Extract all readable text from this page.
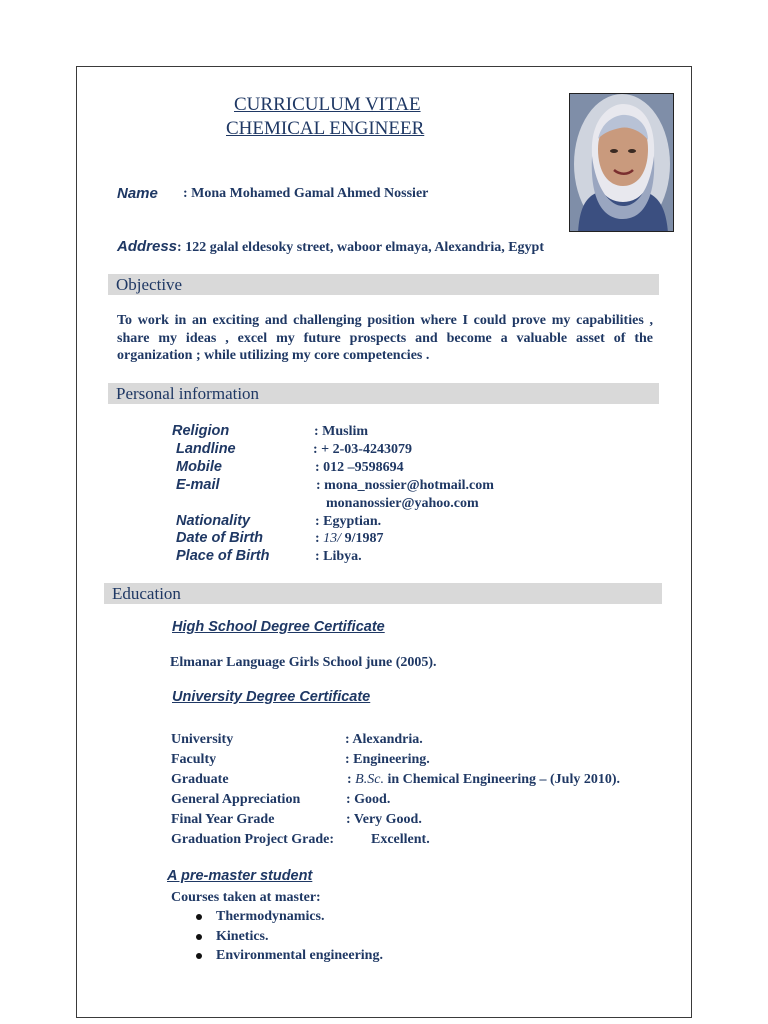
CURRICULUM VITAE
CHEMICAL ENGINEER
Name : Mona Mohamed Gamal Ahmed Nossier
Address: 122 galal eldesoky street, waboor elmaya, Alexandria, Egypt
Objective
To work in an exciting and challenging position where I could prove my capabilities , share my ideas , excel my future prospects and become a valuable asset of the organization ; while utilizing my core competencies .
Personal information
Religion	: Muslim
Landline	: + 2-03-4243079
Mobile	: 012 –9598694
E-mail	: mona_nossier@hotmail.com
monanossier@yahoo.com
Nationality	: Egyptian.
Date of Birth	: 13/ 9/1987
Place of Birth	: Libya.
Education
High School Degree Certificate
Elmanar Language Girls School june (2005).
University Degree Certificate
University	: Alexandria.
Faculty	: Engineering.
Graduate	: B.Sc. in Chemical Engineering – (July 2010).
General Appreciation	: Good.
Final Year Grade	: Very Good.
Graduation Project Grade:	Excellent.
A pre-master student
Courses taken at master:
Thermodynamics.
Kinetics.
Environmental engineering.
